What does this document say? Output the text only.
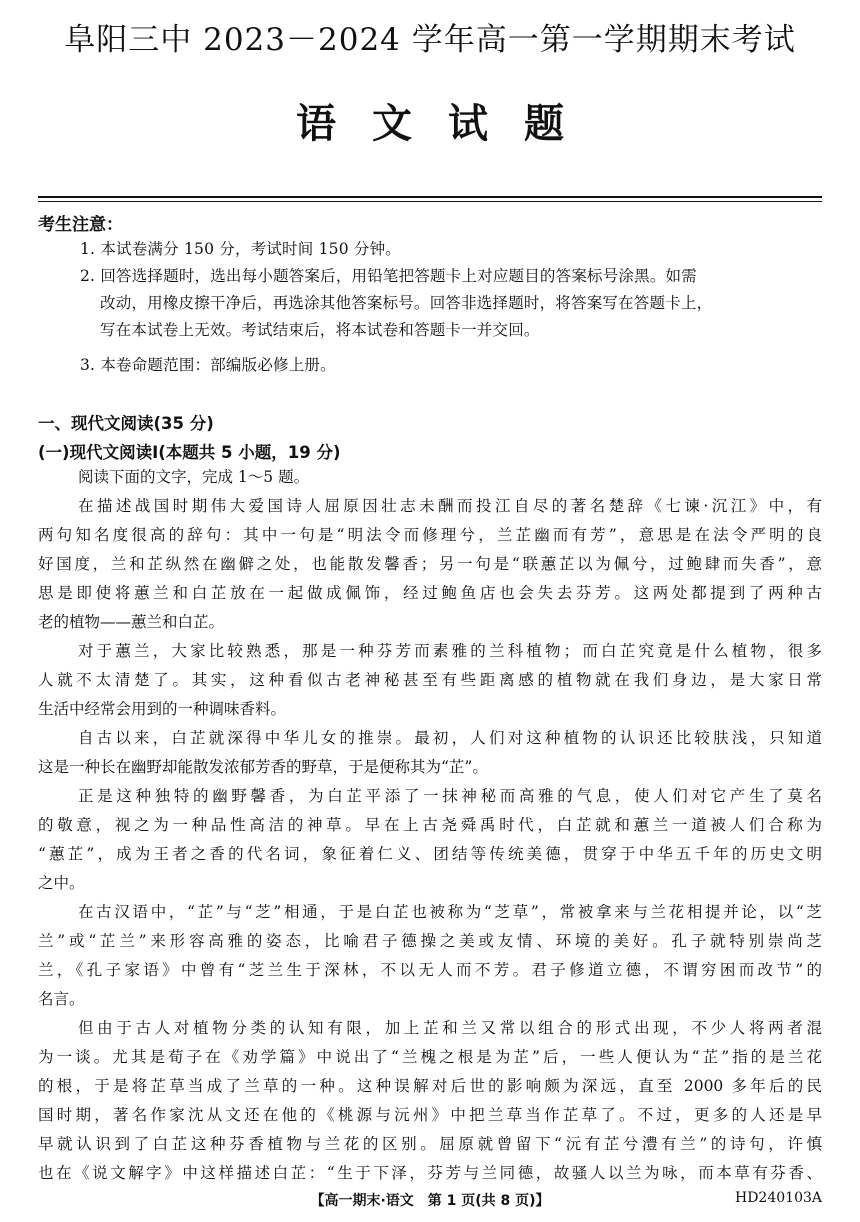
阜阳三中 2023－2024 学年高一第一学期期末考试
语文试题
考生注意：
1. 本试卷满分 150 分，考试时间 150 分钟。
2. 回答选择题时，选出每小题答案后，用铅笔把答题卡上对应题目的答案标号涂黑。如需
改动，用橡皮擦干净后，再选涂其他答案标号。回答非选择题时，将答案写在答题卡上，
写在本试卷上无效。考试结束后，将本试卷和答题卡一并交回。
3. 本卷命题范围：部编版必修上册。
一、现代文阅读(35 分)
(一)现代文阅读Ⅰ(本题共 5 小题，19 分)
阅读下面的文字，完成 1～5 题。
在描述战国时期伟大爱国诗人屈原因壮志未酬而投江自尽的著名楚辞《七谏·沉江》中，有
两句知名度很高的辞句：其中一句是“明法令而修理兮，兰芷幽而有芳”，意思是在法令严明的良
好国度，兰和芷纵然在幽僻之处，也能散发馨香；另一句是“联蕙芷以为佩兮，过鲍肆而失香”，意
思是即使将蕙兰和白芷放在一起做成佩饰，经过鲍鱼店也会失去芬芳。这两处都提到了两种古
老的植物——蕙兰和白芷。
对于蕙兰，大家比较熟悉，那是一种芬芳而素雅的兰科植物；而白芷究竟是什么植物，很多
人就不太清楚了。其实，这种看似古老神秘甚至有些距离感的植物就在我们身边，是大家日常
生活中经常会用到的一种调味香料。
自古以来，白芷就深得中华儿女的推崇。最初，人们对这种植物的认识还比较肤浅，只知道
这是一种长在幽野却能散发浓郁芳香的野草，于是便称其为“芷”。
正是这种独特的幽野馨香，为白芷平添了一抹神秘而高雅的气息，使人们对它产生了莫名
的敬意，视之为一种品性高洁的神草。早在上古尧舜禹时代，白芷就和蕙兰一道被人们合称为
“蕙芷”，成为王者之香的代名词，象征着仁义、团结等传统美德，贯穿于中华五千年的历史文明
之中。
在古汉语中，“芷”与“芝”相通，于是白芷也被称为“芝草”，常被拿来与兰花相提并论，以“芝
兰”或“芷兰”来形容高雅的姿态，比喻君子德操之美或友情、环境的美好。孔子就特别崇尚芝
兰，《孔子家语》中曾有“芝兰生于深林，不以无人而不芳。君子修道立德，不谓穷困而改节”的
名言。
但由于古人对植物分类的认知有限，加上芷和兰又常以组合的形式出现，不少人将两者混
为一谈。尤其是荀子在《劝学篇》中说出了“兰槐之根是为芷”后，一些人便认为“芷”指的是兰花
的根，于是将芷草当成了兰草的一种。这种误解对后世的影响颇为深远，直至 2000 多年后的民
国时期，著名作家沈从文还在他的《桃源与沅州》中把兰草当作芷草了。不过，更多的人还是早
早就认识到了白芷这种芬香植物与兰花的区别。屈原就曾留下“沅有芷兮澧有兰”的诗句，许慎
也在《说文解字》中这样描述白芷：“生于下泽，芬芳与兰同德，故骚人以兰为咏，而本草有芬香、
【高一期末·语文　第 1 页(共 8 页)】	HD240103A
